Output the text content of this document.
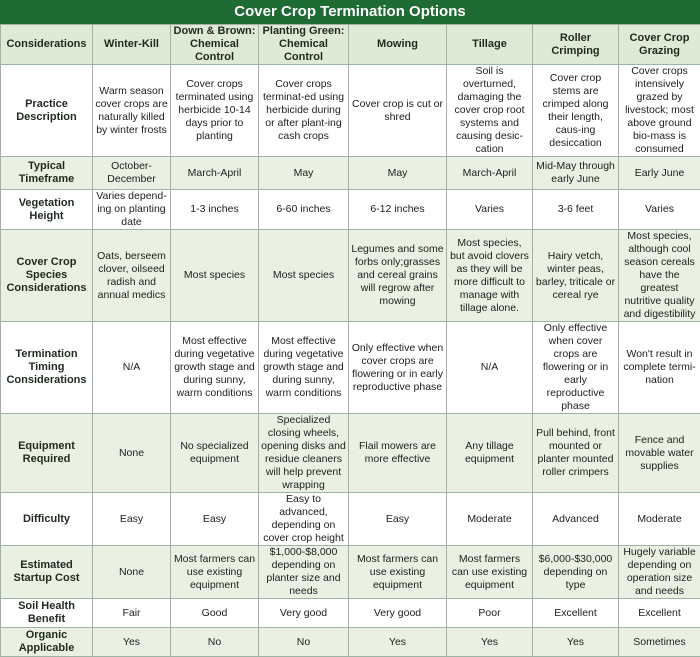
Cover Crop Termination Options
Considerations	Winter-Kill	Down & Brown: Chemical Control	Planting Green: Chemical Control	Mowing	Tillage	Roller Crimping	Cover Crop Grazing
Practice Description	Warm season cover crops are naturally killed by winter frosts	Cover crops terminated using herbicide 10-14 days prior to planting	Cover crops terminat-ed using herbicide during or after plant-ing cash crops	Cover crop is cut or shred	Soil is overturned, damaging the cover crop root systems and causing desic-cation	Cover crop stems are crimped along their length, caus-ing desiccation	Cover crops intensively grazed by livestock; most above ground bio-mass is consumed
Typical Timeframe	October-December	March-April	May	May	March-April	Mid-May through early June	Early June
Vegetation Height	Varies depend-ing on planting date	1-3 inches	6-60 inches	6-12 inches	Varies	3-6 feet	Varies
Cover Crop Species Considerations	Oats, berseem clover, oilseed radish and annual medics	Most species	Most species	Legumes and some forbs only;grasses and cereal grains will regrow after mowing	Most species, but avoid clovers as they will be more difficult to manage with tillage alone.	Hairy vetch, winter peas, barley, triticale or cereal rye	Most species, although cool season cereals have the greatest nutritive quality and digestibility
Termination Timing Considerations	N/A	Most effective during vegetative growth stage and during sunny, warm conditions	Most effective during vegetative growth stage and during sunny, warm conditions	Only effective when cover crops are flowering or in early reproductive phase	N/A	Only effective when cover crops are flowering or in early reproductive phase	Won't result in complete termi-nation
Equipment Required	None	No specialized equipment	Specialized closing wheels, opening disks and residue cleaners will help prevent wrapping	Flail mowers are more effective	Any tillage equipment	Pull behind, front mounted or planter mounted roller crimpers	Fence and movable water supplies
Difficulty	Easy	Easy	Easy to advanced, depending on cover crop height	Easy	Moderate	Advanced	Moderate
Estimated Startup Cost	None	Most farmers can use existing equipment	$1,000-$8,000 depending on planter size and needs	Most farmers can use existing equipment	Most farmers can use existing equipment	$6,000-$30,000 depending on type	Hugely variable depending on operation size and needs
Soil Health Benefit	Fair	Good	Very good	Very good	Poor	Excellent	Excellent
Organic Applicable	Yes	No	No	Yes	Yes	Yes	Sometimes
